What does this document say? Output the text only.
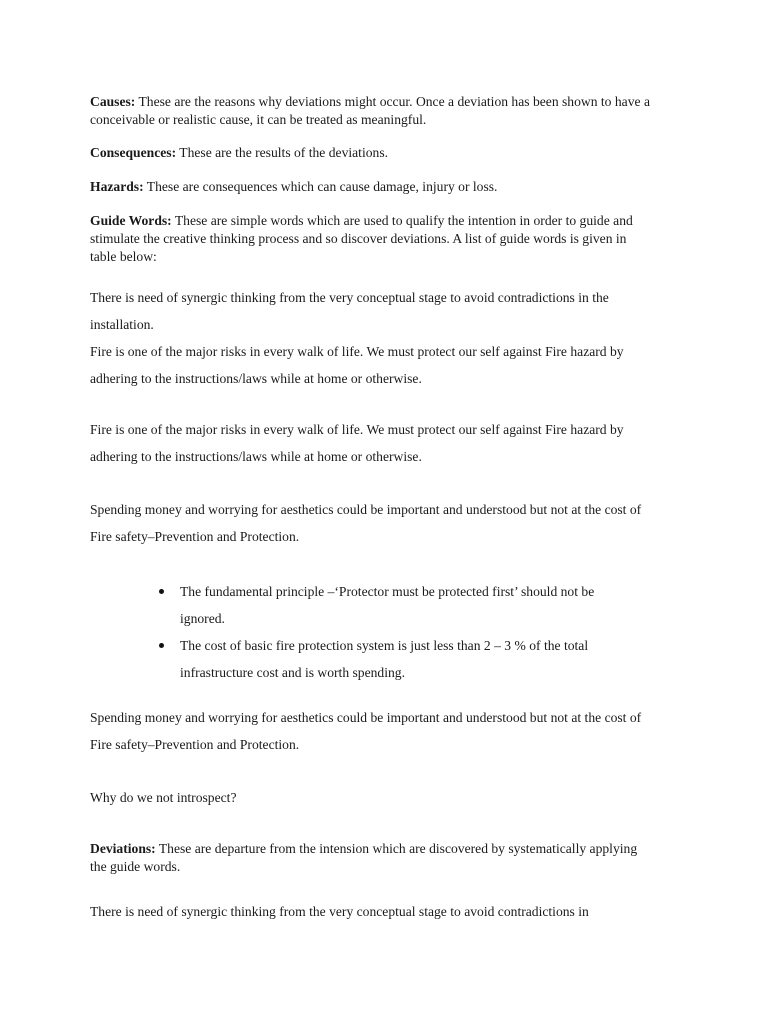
Causes: These are the reasons why deviations might occur. Once a deviation has been shown to have a conceivable or realistic cause, it can be treated as meaningful.

Consequences: These are the results of the deviations.

Hazards: These are consequences which can cause damage, injury or loss.

Guide Words: These are simple words which are used to qualify the intention in order to guide and stimulate the creative thinking process and so discover deviations. A list of guide words is given in table below:

There is need of synergic thinking from the very conceptual stage to avoid contradictions in the installation.

Fire is one of the major risks in every walk of life. We must protect our self against Fire hazard by adhering to the instructions/laws while at home or otherwise.

Fire is one of the major risks in every walk of life. We must protect our self against Fire hazard by adhering to the instructions/laws while at home or otherwise.

Spending money and worrying for aesthetics could be important and understood but not at the cost of Fire safety–Prevention and Protection.

The fundamental principle –‘Protector must be protected first’ should not be ignored.
The cost of basic fire protection system is just less than 2 – 3 % of the total infrastructure cost and is worth spending.

Spending money and worrying for aesthetics could be important and understood but not at the cost of Fire safety–Prevention and Protection.

Why do we not introspect?

Deviations: These are departure from the intension which are discovered by systematically applying the guide words.

There is need of synergic thinking from the very conceptual stage to avoid contradictions in
